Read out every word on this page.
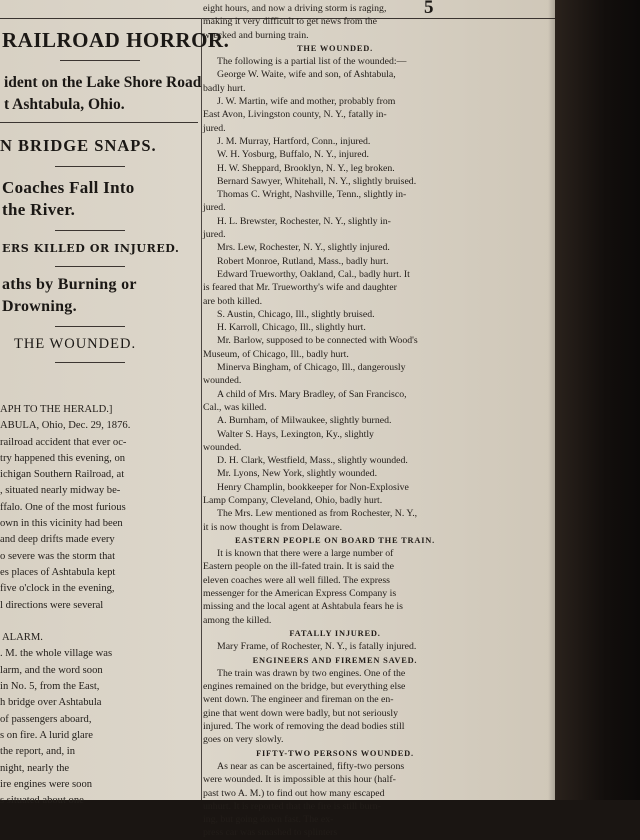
5
RAILROAD HORROR.
ident on the Lake Shore Road
t Ashtabula, Ohio.
N BRIDGE SNAPS.
Coaches Fall Into
the River.
ERS KILLED OR INJURED.
aths by Burning or
Drowning.
THE WOUNDED.
APH TO THE HERALD.]
ABULA, Ohio, Dec. 29, 1876.
railroad accident that ever oc-
try happened this evening, on
ichigan Southern Railroad, at
, situated nearly midway be-
ffalo. One of the most furious
own in this vicinity had been
and deep drifts made every
o severe was the storm that
es places of Ashtabula kept
five o'clock in the evening,
l directions were several

ALARM.
. M. the whole village was
larm, and the word soon
in No. 5, from the East,
h bridge over Ashtabula
of passengers aboard,
s on fire. A lurid glare
the report, and, in
night, nearly the
ire engines were soon
s situated about one
eight hours, and now a driving storm is raging,
making it very difficult to get news from the
wrecked and burning train.
THE WOUNDED.
The following is a partial list of the wounded:—
George W. Waite, wife and son, of Ashtabula,
badly hurt.
J. W. Martin, wife and mother, probably from
East Avon, Livingston county, N. Y., fatally in-
jured.
J. M. Murray, Hartford, Conn., injured.
W. H. Yosburg, Buffalo, N. Y., injured.
H. W. Sheppard, Brooklyn, N. Y., leg broken.
Bernard Sawyer, Whitehall, N. Y., slightly bruised.
Thomas C. Wright, Nashville, Tenn., slightly in-
jured.
H. L. Brewster, Rochester, N. Y., slightly in-
jured.
Mrs. Lew, Rochester, N. Y., slightly injured.
Robert Monroe, Rutland, Mass., badly hurt.
Edward Trueworthy, Oakland, Cal., badly hurt. It
is feared that Mr. Trueworthy's wife and daughter
are both killed.
S. Austin, Chicago, Ill., slightly bruised.
H. Karroll, Chicago, Ill., slightly hurt.
Mr. Barlow, supposed to be connected with Wood's
Museum, of Chicago, Ill., badly hurt.
Minerva Bingham, of Chicago, Ill., dangerously
wounded.
A child of Mrs. Mary Bradley, of San Francisco,
Cal., was killed.
A. Burnham, of Milwaukee, slightly burned.
Walter S. Hays, Lexington, Ky., slightly
wounded.
D. H. Clark, Westfield, Mass., slightly wounded.
Mr. Lyons, New York, slightly wounded.
Henry Champlin, bookkeeper for Non-Explosive
Lamp Company, Cleveland, Ohio, badly hurt.
The Mrs. Lew mentioned as from Rochester, N. Y.,
it is now thought is from Delaware.
EASTERN PEOPLE ON BOARD THE TRAIN.
It is known that there were a large number of
Eastern people on the ill-fated train. It is said the
eleven coaches were all well filled. The express
messenger for the American Express Company is
missing and the local agent at Ashtabula fears he is
among the killed.
FATALLY INJURED.
Mary Frame, of Rochester, N. Y., is fatally injured.
ENGINEERS AND FIREMEN SAVED.
The train was drawn by two engines. One of the
engines remained on the bridge, but everything else
went down. The engineer and fireman on the en-
gine that went down were badly, but not seriously
injured. The work of removing the dead bodies still
goes on very slowly.
FIFTY-TWO PERSONS WOUNDED.
As near as can be ascertained, fifty-two persons
were wounded. It is impossible at this hour (half-
past two A. M.) to find out how many escaped
unhurt. It is reported that the fire is still burn-
ing, but going down fast. The ex-
press car was smashed to splinters
